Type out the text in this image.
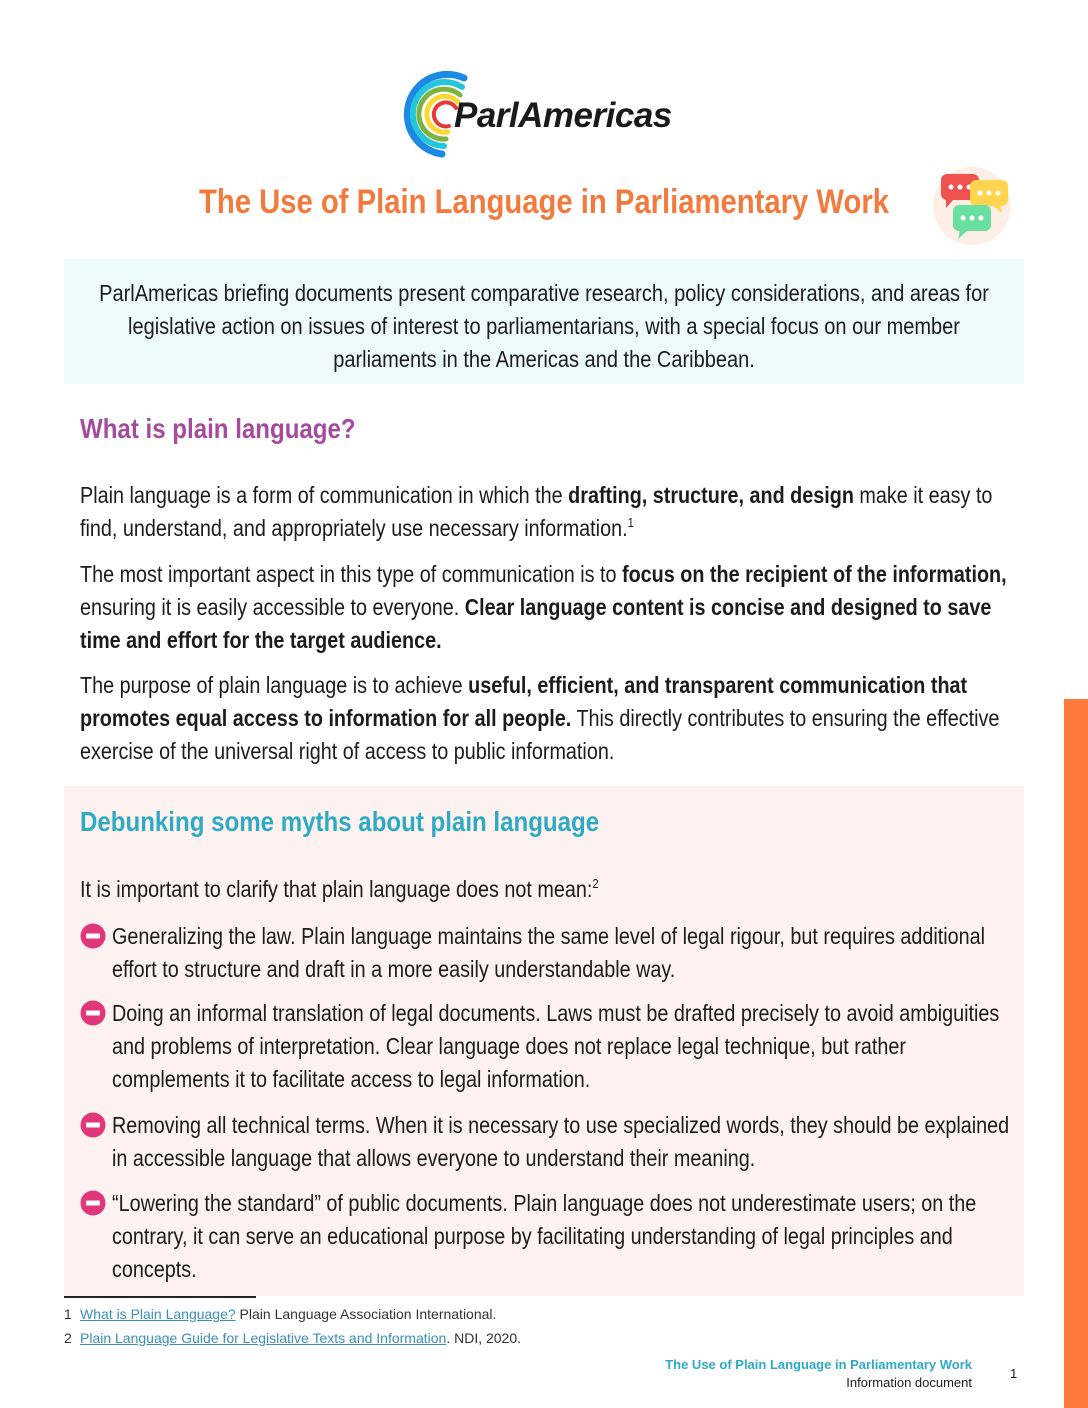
ParlAmericas
The Use of Plain Language in Parliamentary Work

ParlAmericas briefing documents present comparative research, policy considerations, and areas for legislative action on issues of interest to parliamentarians, with a special focus on our member parliaments in the Americas and the Caribbean.

What is plain language?

Plain language is a form of communication in which the drafting, structure, and design make it easy to find, understand, and appropriately use necessary information.$^1$

The most important aspect in this type of communication is to focus on the recipient of the information, ensuring it is easily accessible to everyone. Clear language content is concise and designed to save time and effort for the target audience.

The purpose of plain language is to achieve useful, efficient, and transparent communication that promotes equal access to information for all people. This directly contributes to ensuring the effective exercise of the universal right of access to public information.

Debunking some myths about plain language

It is important to clarify that plain language does not mean:$^2$

Generalizing the law. Plain language maintains the same level of legal rigour, but requires additional effort to structure and draft in a more easily understandable way.

Doing an informal translation of legal documents. Laws must be drafted precisely to avoid ambiguities and problems of interpretation. Clear language does not replace legal technique, but rather complements it to facilitate access to legal information.

Removing all technical terms. When it is necessary to use specialized words, they should be explained in accessible language that allows everyone to understand their meaning.

“Lowering the standard” of public documents. Plain language does not underestimate users; on the contrary, it can serve an educational purpose by facilitating understanding of legal principles and concepts.

1 What is Plain Language? Plain Language Association International.

2 Plain Language Guide for Legislative Texts and Information. NDI, 2020.

The Use of Plain Language in Parliamentary Work
Information document
1
